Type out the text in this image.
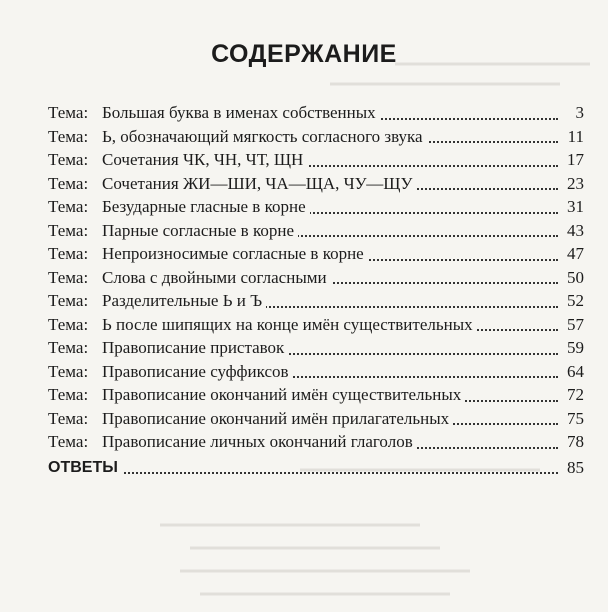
СОДЕРЖАНИЕ
Тема: Большая буква в именах собственных	3
Тема: Ь, обозначающий мягкость согласного звука	11
Тема: Сочетания ЧК, ЧН, ЧТ, ЩН	17
Тема: Сочетания ЖИ—ШИ, ЧА—ЩА, ЧУ—ЩУ	23
Тема: Безударные гласные в корне	31
Тема: Парные согласные в корне	43
Тема: Непроизносимые согласные в корне	47
Тема: Слова с двойными согласными	50
Тема: Разделительные Ь и Ъ	52
Тема: Ь после шипящих на конце имён существительных	57
Тема: Правописание приставок	59
Тема: Правописание суффиксов	64
Тема: Правописание окончаний имён существительных	72
Тема: Правописание окончаний имён прилагательных	75
Тема: Правописание личных окончаний глаголов	78
ОТВЕТЫ	85
